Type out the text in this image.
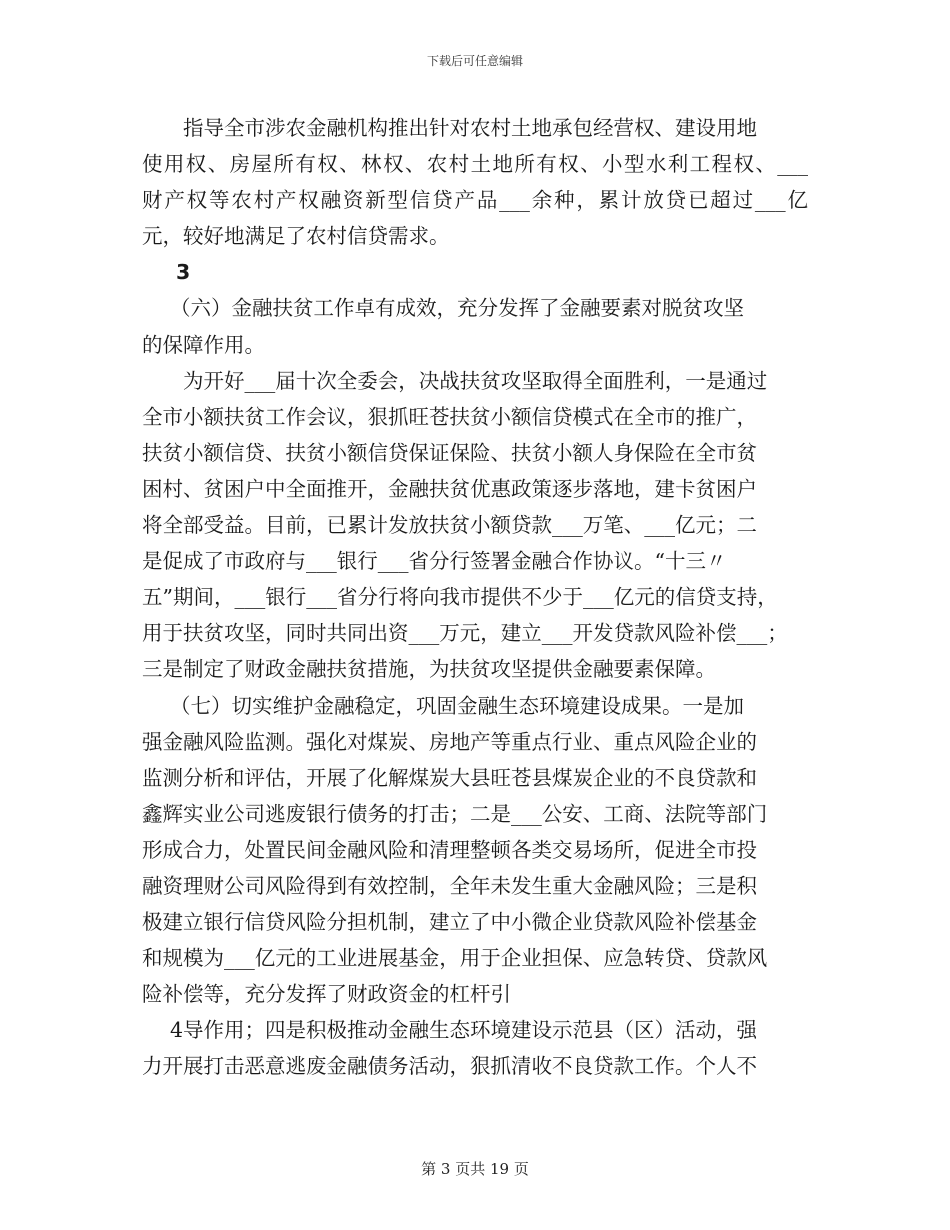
下载后可任意编辑
指导全市涉农金融机构推出针对农村土地承包经营权、建设用地
使用权、房屋所有权、林权、农村土地所有权、小型水利工程权、___
财产权等农村产权融资新型信贷产品___余种，累计放贷已超过___亿
元，较好地满足了农村信贷需求。
3
（六）金融扶贫工作卓有成效，充分发挥了金融要素对脱贫攻坚
的保障作用。
为开好___届十次全委会，决战扶贫攻坚取得全面胜利，一是通过
全市小额扶贫工作会议，狠抓旺苍扶贫小额信贷模式在全市的推广，
扶贫小额信贷、扶贫小额信贷保证保险、扶贫小额人身保险在全市贫
困村、贫困户中全面推开，金融扶贫优惠政策逐步落地，建卡贫困户
将全部受益。目前，已累计发放扶贫小额贷款___万笔、___亿元；二
是促成了市政府与___银行___省分行签署金融合作协议。“十三〃
五”期间，___银行___省分行将向我市提供不少于___亿元的信贷支持，
用于扶贫攻坚，同时共同出资___万元，建立___开发贷款风险补偿___；
三是制定了财政金融扶贫措施，为扶贫攻坚提供金融要素保障。
（七）切实维护金融稳定，巩固金融生态环境建设成果。一是加
强金融风险监测。强化对煤炭、房地产等重点行业、重点风险企业的
监测分析和评估，开展了化解煤炭大县旺苍县煤炭企业的不良贷款和
鑫辉实业公司逃废银行债务的打击；二是___公安、工商、法院等部门
形成合力，处置民间金融风险和清理整顿各类交易场所，促进全市投
融资理财公司风险得到有效控制，全年未发生重大金融风险；三是积
极建立银行信贷风险分担机制，建立了中小微企业贷款风险补偿基金
和规模为___亿元的工业进展基金，用于企业担保、应急转贷、贷款风
险补偿等，充分发挥了财政资金的杠杆引
4导作用；四是积极推动金融生态环境建设示范县（区）活动，强
力开展打击恶意逃废金融债务活动，狠抓清收不良贷款工作。个人不
第 3 页共 19 页
